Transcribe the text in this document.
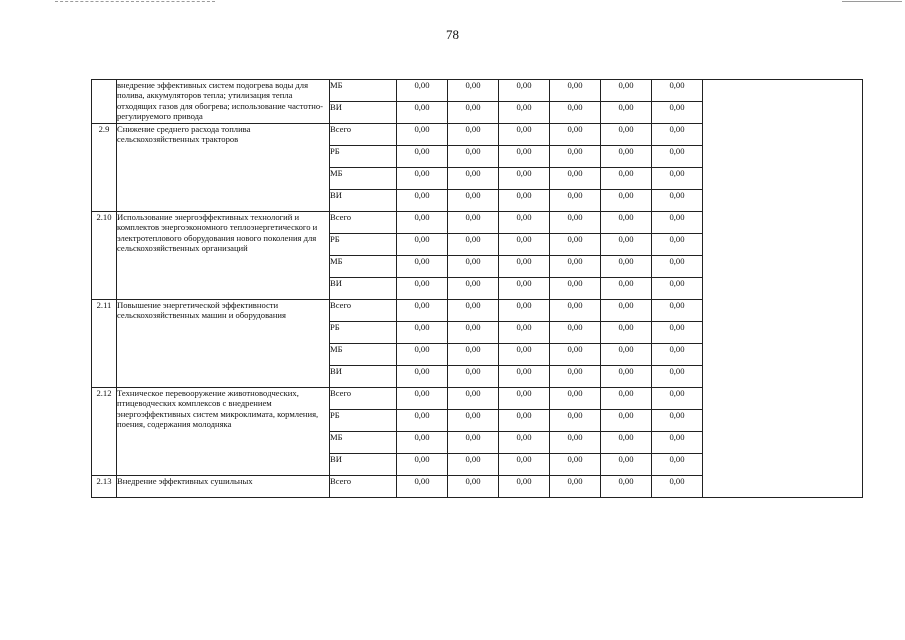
78
	внедрение эффективных систем подогрева воды для полива, аккумуляторов тепла; утилизация тепла отходящих газов для обогрева; использование частотно-регулируемого привода	МБ	0,00	0,00	0,00	0,00	0,00	0,00	
		ВИ	0,00	0,00	0,00	0,00	0,00	0,00	
2.9	Снижение среднего расхода топлива сельскохозяйственных тракторов	Всего	0,00	0,00	0,00	0,00	0,00	0,00	
		РБ	0,00	0,00	0,00	0,00	0,00	0,00	
		МБ	0,00	0,00	0,00	0,00	0,00	0,00	
		ВИ	0,00	0,00	0,00	0,00	0,00	0,00	
2.10	Использование энергоэффективных технологий и комплектов энергоэкономного теплоэнергетического и электротеплового оборудования нового поколения для сельскохозяйственных организаций	Всего	0,00	0,00	0,00	0,00	0,00	0,00	
		РБ	0,00	0,00	0,00	0,00	0,00	0,00	
		МБ	0,00	0,00	0,00	0,00	0,00	0,00	
		ВИ	0,00	0,00	0,00	0,00	0,00	0,00	
2.11	Повышение энергетической эффективности сельскохозяйственных машин и оборудования	Всего	0,00	0,00	0,00	0,00	0,00	0,00	
		РБ	0,00	0,00	0,00	0,00	0,00	0,00	
		МБ	0,00	0,00	0,00	0,00	0,00	0,00	
		ВИ	0,00	0,00	0,00	0,00	0,00	0,00	
2.12	Техническое перевооружение животноводческих, птицеводческих комплексов с внедрением энергоэффективных систем микроклимата, кормления, поения, содержания молодняка	Всего	0,00	0,00	0,00	0,00	0,00	0,00	
		РБ	0,00	0,00	0,00	0,00	0,00	0,00	
		МБ	0,00	0,00	0,00	0,00	0,00	0,00	
		ВИ	0,00	0,00	0,00	0,00	0,00	0,00	
2.13	Внедрение эффективных сушильных	Всего	0,00	0,00	0,00	0,00	0,00	0,00	
